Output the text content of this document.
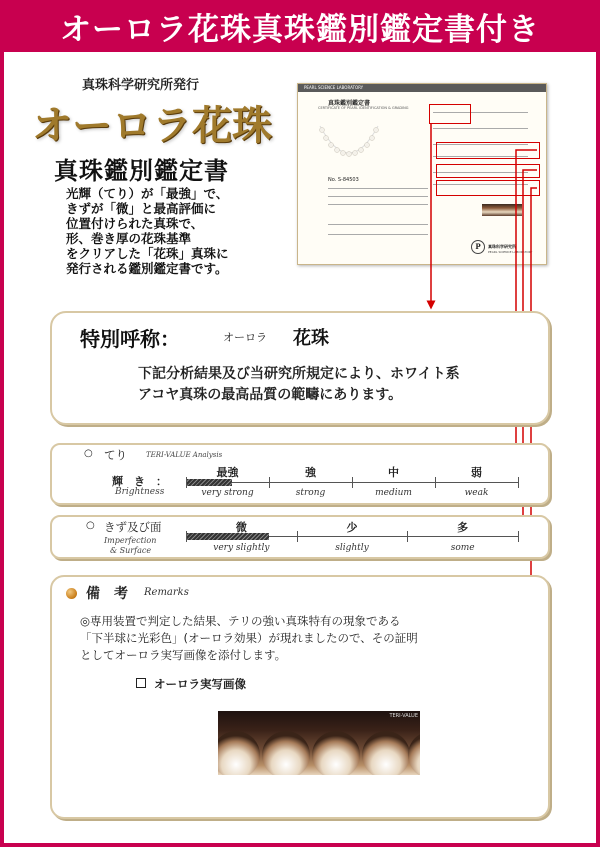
オーロラ花珠真珠鑑別鑑定書付き
真珠科学研究所発行
オーロラ花珠
真珠鑑別鑑定書
光輝（てり）が「最強」で、
きずが「微」と最高評価に
位置付けられた真珠で、
形、巻き厚の花珠基準
をクリアした「花珠」真珠に
発行される鑑別鑑定書です。
PEARL SCIENCE LABORATORY
真珠鑑別鑑定書
CERTIFICATE OF PEARL IDENTIFICATION & GRADING
No. S-84503
P	真珠科学研究所
PEARL SCIENCE LABORATORY
特別呼称：	オーロラ 花珠
下記分析結果及び当研究所規定により、ホワイト系
アコヤ真珠の最高品質の範疇にあります。
○ てり	TERI-VALUE Analysis
輝　き　：
Brightness
最強
very strong
強
strong
中
medium
弱
weak
○ きず及び面
Imperfection
& Surface
微
very slightly
少
slightly
多
some
備　考 Remarks
◎専用装置で判定した結果、テリの強い真珠特有の現象である
「下半球に光彩色」(オーロラ効果）が現れましたので、その証明
としてオーロラ実写画像を添付します。
オーロラ実写画像
TERI-VALUE
